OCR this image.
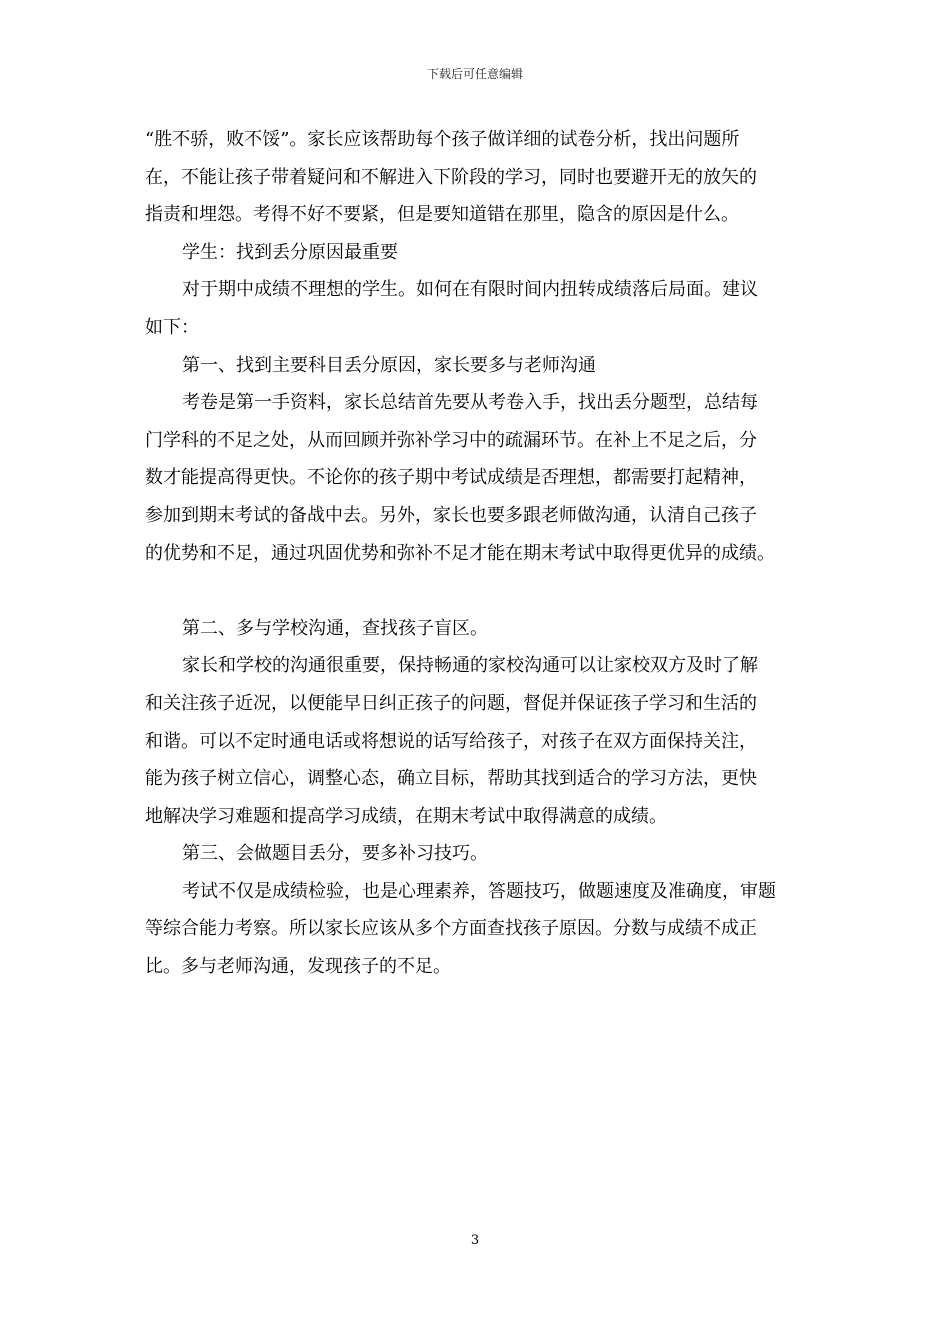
下载后可任意编辑
“胜不骄，败不馁”。家长应该帮助每个孩子做详细的试卷分析，找出问题所
在，不能让孩子带着疑问和不解进入下阶段的学习，同时也要避开无的放矢的
指责和埋怨。考得不好不要紧，但是要知道错在那里，隐含的原因是什么。
学生：找到丢分原因最重要
对于期中成绩不理想的学生。如何在有限时间内扭转成绩落后局面。建议
如下：
第一、找到主要科目丢分原因，家长要多与老师沟通
考卷是第一手资料，家长总结首先要从考卷入手，找出丢分题型，总结每
门学科的不足之处，从而回顾并弥补学习中的疏漏环节。在补上不足之后，分
数才能提高得更快。不论你的孩子期中考试成绩是否理想，都需要打起精神，
参加到期末考试的备战中去。另外，家长也要多跟老师做沟通，认清自己孩子
的优势和不足，通过巩固优势和弥补不足才能在期末考试中取得更优异的成绩。
第二、多与学校沟通，查找孩子盲区。
家长和学校的沟通很重要，保持畅通的家校沟通可以让家校双方及时了解
和关注孩子近况，以便能早日纠正孩子的问题，督促并保证孩子学习和生活的
和谐。可以不定时通电话或将想说的话写给孩子，对孩子在双方面保持关注，
能为孩子树立信心，调整心态，确立目标，帮助其找到适合的学习方法，更快
地解决学习难题和提高学习成绩，在期末考试中取得满意的成绩。
第三、会做题目丢分，要多补习技巧。
考试不仅是成绩检验，也是心理素养，答题技巧，做题速度及准确度，审题
等综合能力考察。所以家长应该从多个方面查找孩子原因。分数与成绩不成正
比。多与老师沟通，发现孩子的不足。
3
